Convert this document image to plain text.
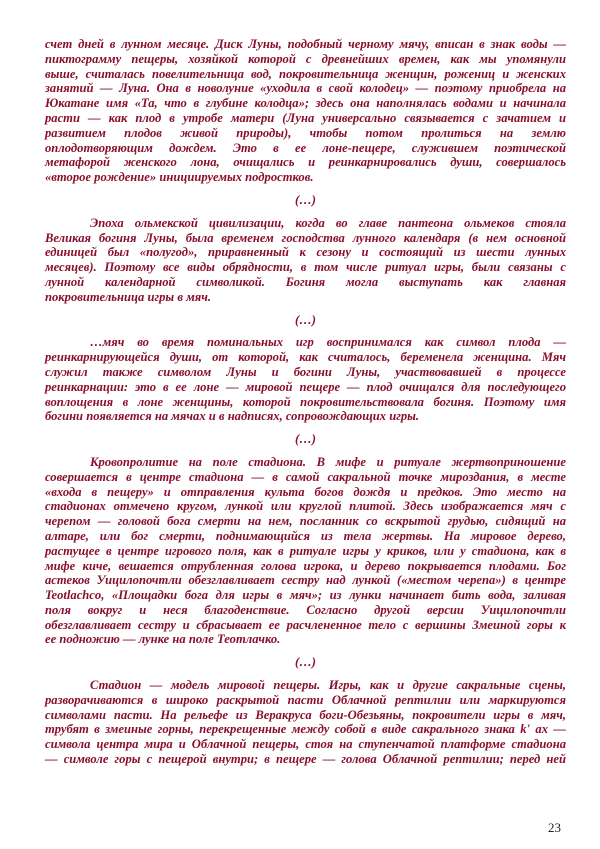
счет дней в лунном месяце. Диск Луны, подобный черному мячу, вписан в знак воды —
пиктограмму пещеры, хозяйкой которой с древнейших времен, как мы упомянули
выше, считалась повелительница вод, покровительница женщин, рожениц и женских
занятий — Луна. Она в новолуние «уходила в свой колодец» — поэтому приобрела на
Юкатане имя «Та, что в глубине колодца»; здесь она наполнялась водами и начинала
расти — как плод в утробе матери (Луна универсально связывается с зачатием и
развитием плодов живой природы), чтобы потом пролиться на землю
оплодотворяющим дождем. Это в ее лоне-пещере, служившем поэтической
метафорой женского лона, очищались и реинкарнировались души, совершалось
«второе рождение» инициируемых подростков.
(…)
Эпоха ольмекской цивилизации, когда во главе пантеона ольмеков стояла
Великая богиня Луны, была временем господства лунного календаря (в нем основной
единицей был «полугод», приравненный к сезону и состоящий из шести лунных
месяцев). Поэтому все виды обрядности, в том числе ритуал игры, были связаны с
лунной календарной символикой. Богиня могла выступать как главная
покровительница игры в мяч.
(…)
…мяч во время поминальных игр воспринимался как символ плода —
реинкарнирующейся души, от которой, как считалось, беременела женщина. Мяч
служил также символом Луны и богини Луны, участвовавшей в процессе
реинкарнации: это в ее лоне — мировой пещере — плод очищался для последующего
воплощения в лоне женщины, которой покровительствовала богиня. Поэтому имя
богини появляется на мячах и в надписях, сопровождающих игры.
(…)
Кровопролитие на поле стадиона. В мифе и ритуале жертвоприношение
совершается в центре стадиона — в самой сакральной точке мироздания, в месте
«входа в пещеру» и отправления культа богов дождя и предков. Это место на
стадионах отмечено кругом, лункой или круглой плитой. Здесь изображается мяч с
черепом — головой бога смерти на нем, посланник со вскрытой грудью, сидящий на
алтаре, или бог смерти, поднимающийся из тела жертвы. На мировое дерево,
растущее в центре игрового поля, как в ритуале игры у криков, или у стадиона, как в
мифе киче, вешается отрубленная голова игрока, и дерево покрывается плодами. Бог
астеков Уицилопочтли обезглавливает сестру над лункой («местом черепа») в центре
Teotlachco, «Площадки бога для игры в мяч»; из лунки начинает бить вода, заливая
поля вокруг и неся благоденствие. Согласно другой версии Уицилопочтли
обезглавливает сестру и сбрасывает ее расчлененное тело с вершины Змеиной горы к
ее подножию — лунке на поле Теотлачко.
(…)
Стадион — модель мировой пещеры. Игры, как и другие сакральные сцены,
разворачиваются в широко раскрытой пасти Облачной рептилии или маркируются
символами пасти. На рельефе из Веракруса боги-Обезьяны, покровители игры в мяч,
трубят в змеиные горны, перекрещенные между собой в виде сакрального знака k' ax —
символа центра мира и Облачной пещеры, стоя на ступенчатой платформе стадиона
— символе горы с пещерой внутри; в пещере — голова Облачной рептилии; перед ней
23
